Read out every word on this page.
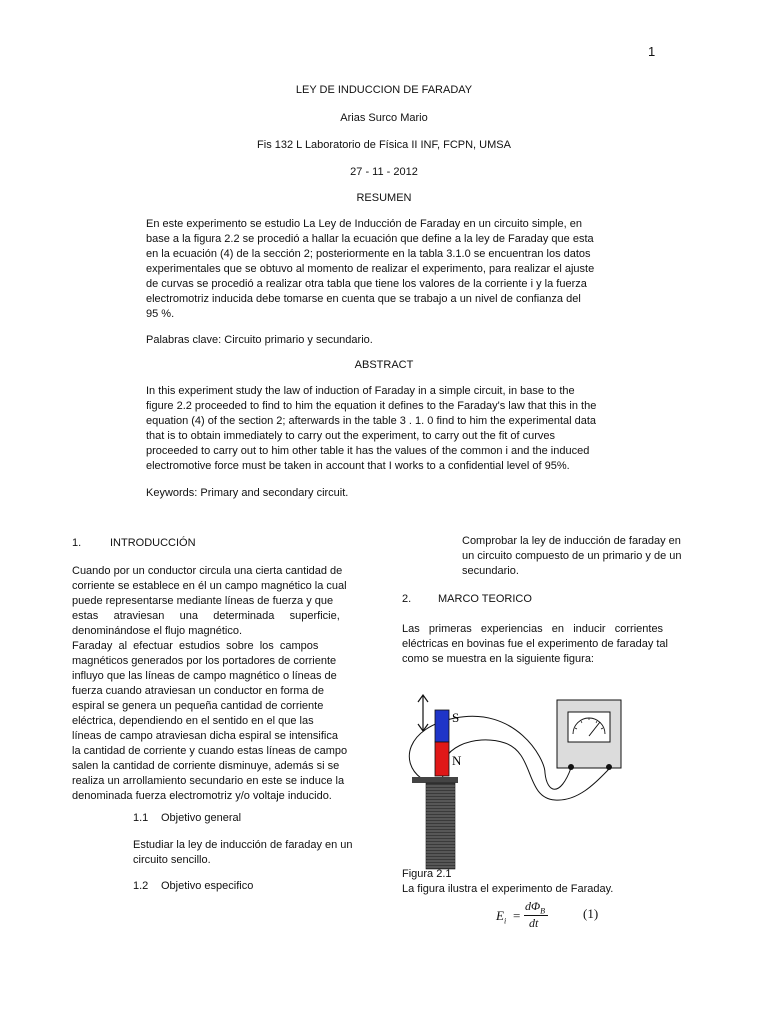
1
LEY DE INDUCCION DE FARADAY
Arias Surco Mario
Fis 132 L Laboratorio de Física II INF, FCPN, UMSA
27 - 11 - 2012
RESUMEN

En este experimento se estudio La Ley de Inducción de Faraday en un circuito simple, en

base a la figura 2.2 se procedió a hallar la ecuación que define a la ley de Faraday que esta

en la ecuación (4) de la sección 2; posteriormente en la tabla 3.1.0 se encuentran los datos

experimentales que se obtuvo al momento de realizar el experimento, para realizar el ajuste

de curvas se procedió a realizar otra tabla que tiene los valores de la corriente i y la fuerza

electromotriz inducida debe tomarse en cuenta que se trabajo a un nivel de confianza del

95 %.

Palabras clave: Circuito primario y secundario.
ABSTRACT

In this experiment study the law of induction of Faraday in a simple circuit, in base to the

figure 2.2 proceeded to find to him the equation it defines to the Faraday's law that this in the

equation (4) of the section 2; afterwards in the table 3 . 1. 0 find to him the experimental data

that is to obtain immediately to carry out the experiment, to carry out the fit of curves

proceeded to carry out to him other table it has the values of the common i and the induced

electromotive force must be taken in account that I works to a confidential level of 95%.

Keywords: Primary and secondary circuit.
1.	INTRODUCCIÓN

Cuando por un conductor circula una cierta cantidad de

corriente se establece en él un campo magnético la cual

puede representarse mediante líneas de fuerza y que

estas     atraviesan     una     determinada     superficie,

denominándose el flujo magnético.

Faraday  al  efectuar  estudios  sobre  los  campos

magnéticos generados por los portadores de corriente

influyo que las líneas de campo magnético o líneas de

fuerza cuando atraviesan un conductor en forma de

espiral se genera un pequeña cantidad de corriente

eléctrica, dependiendo en el sentido en el que las

líneas de campo atraviesan dicha espiral se intensifica

la cantidad de corriente y cuando estas líneas de campo

salen la cantidad de corriente disminuye, además si se

realiza un arrollamiento secundario en este se induce la

denominada fuerza electromotriz y/o voltaje inducido.

1.1 Objetivo general

Estudiar la ley de inducción de faraday en un

circuito sencillo.

1.2 Objetivo especifico

Comprobar la ley de inducción de faraday en

un circuito compuesto de un primario y de un

secundario.

2. MARCO TEORICO

Las   primeras   experiencias   en   inducir   corrientes

eléctricas en bovinas fue el experimento de faraday tal

como se muestra en la siguiente figura:

S
N
Figura 2.1
La figura ilustra el experimento de Faraday.
$E_i$ =
$d\Phi_B$
dt
(1)
